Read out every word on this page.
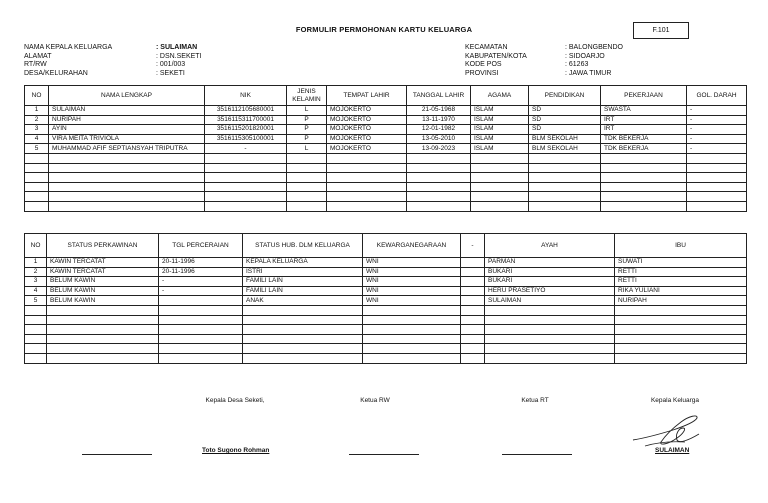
FORMULIR PERMOHONAN KARTU KELUARGA	F.101
NAMA KEPALA KELUARGA	: SULAIMAN
ALAMAT	: DSN.SEKETI
RT/RW	: 001/003
DESA/KELURAHAN	: SEKETI
KECAMATAN	: BALONGBENDO
KABUPATEN/KOTA	: SIDOARJO
KODE POS	: 61263
PROVINSI	: JAWA TIMUR
NO	NAMA LENGKAP	NIK	JENIS KELAMIN	TEMPAT LAHIR	TANGGAL LAHIR	AGAMA	PENDIDIKAN	PEKERJAAN	GOL. DARAH
1	SULAIMAN	3516112105680001	L	MOJOKERTO	21-05-1968	ISLAM	SD	SWASTA	-
2	NURIPAH	3516115311700001	P	MOJOKERTO	13-11-1970	ISLAM	SD	IRT	-
3	AYIN	3516115201820001	P	MOJOKERTO	12-01-1982	ISLAM	SD	IRT	-
4	VIRA MEITA TRIVIOLA	3516115305100001	P	MOJOKERTO	13-05-2010	ISLAM	BLM SEKOLAH	TDK BEKERJA	-
5	MUHAMMAD AFIF SEPTIANSYAH TRIPUTRA	-	L	MOJOKERTO	13-09-2023	ISLAM	BLM SEKOLAH	TDK BEKERJA	-

NO	STATUS PERKAWINAN	TGL PERCERAIAN	STATUS HUB. DLM KELUARGA	KEWARGANEGARAAN	-	AYAH	IBU
1	KAWIN TERCATAT	20-11-1996	KEPALA KELUARGA	WNI		PARMAN	SUWATI
2	KAWIN TERCATAT	20-11-1996	ISTRI	WNI		BUKARI	RETTI
3	BELUM KAWIN	-	FAMILI LAIN	WNI		BUKARI	RETTI
4	BELUM KAWIN	-	FAMILI LAIN	WNI		HERU PRASETIYO	RIKA YULIANI
5	BELUM KAWIN		ANAK	WNI		SULAIMAN	NURIPAH

Kepala Desa Seketi,	Ketua RW	Ketua RT	Kepala Keluarga
Toto Sugono Rohman	SULAIMAN
